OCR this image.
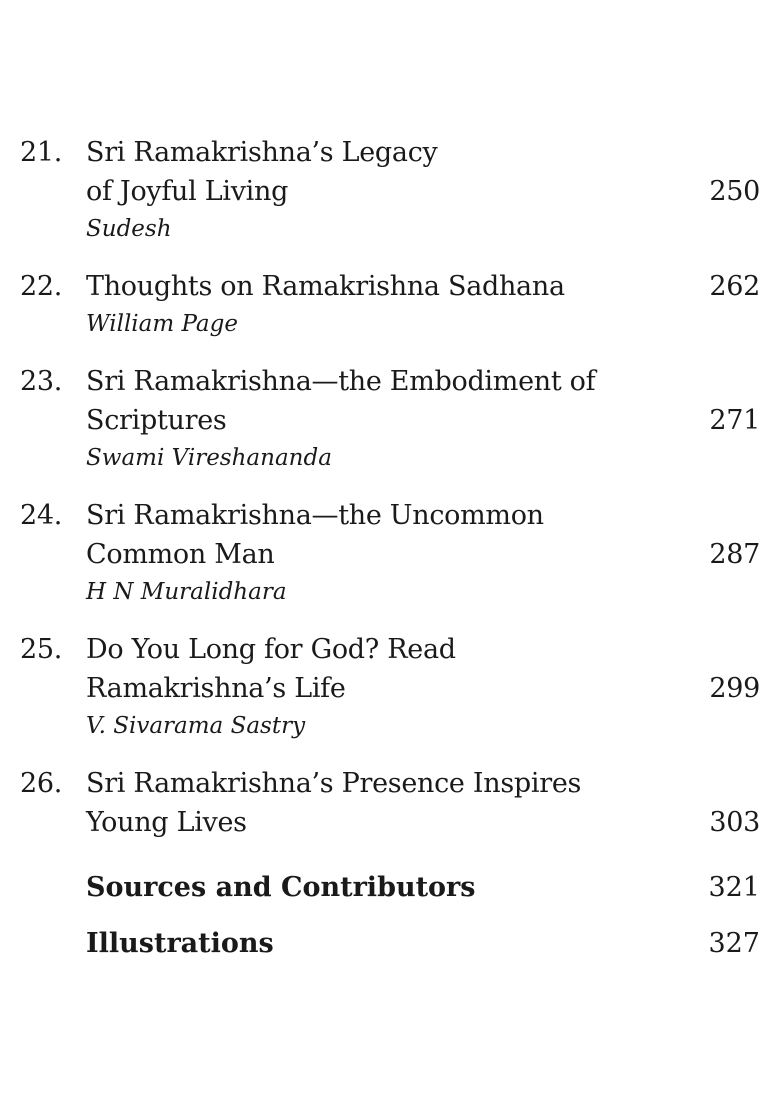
21. Sri Ramakrishna’s Legacy
of Joyful Living	250
Sudesh
22. Thoughts on Ramakrishna Sadhana	262
William Page
23. Sri Ramakrishna—the Embodiment of
Scriptures	271
Swami Vireshananda
24. Sri Ramakrishna—the Uncommon
Common Man	287
H N Muralidhara
25. Do You Long for God? Read
Ramakrishna’s Life	299
V. Sivarama Sastry
26. Sri Ramakrishna’s Presence Inspires
Young Lives	303
Sources and Contributors	321
Illustrations	327
